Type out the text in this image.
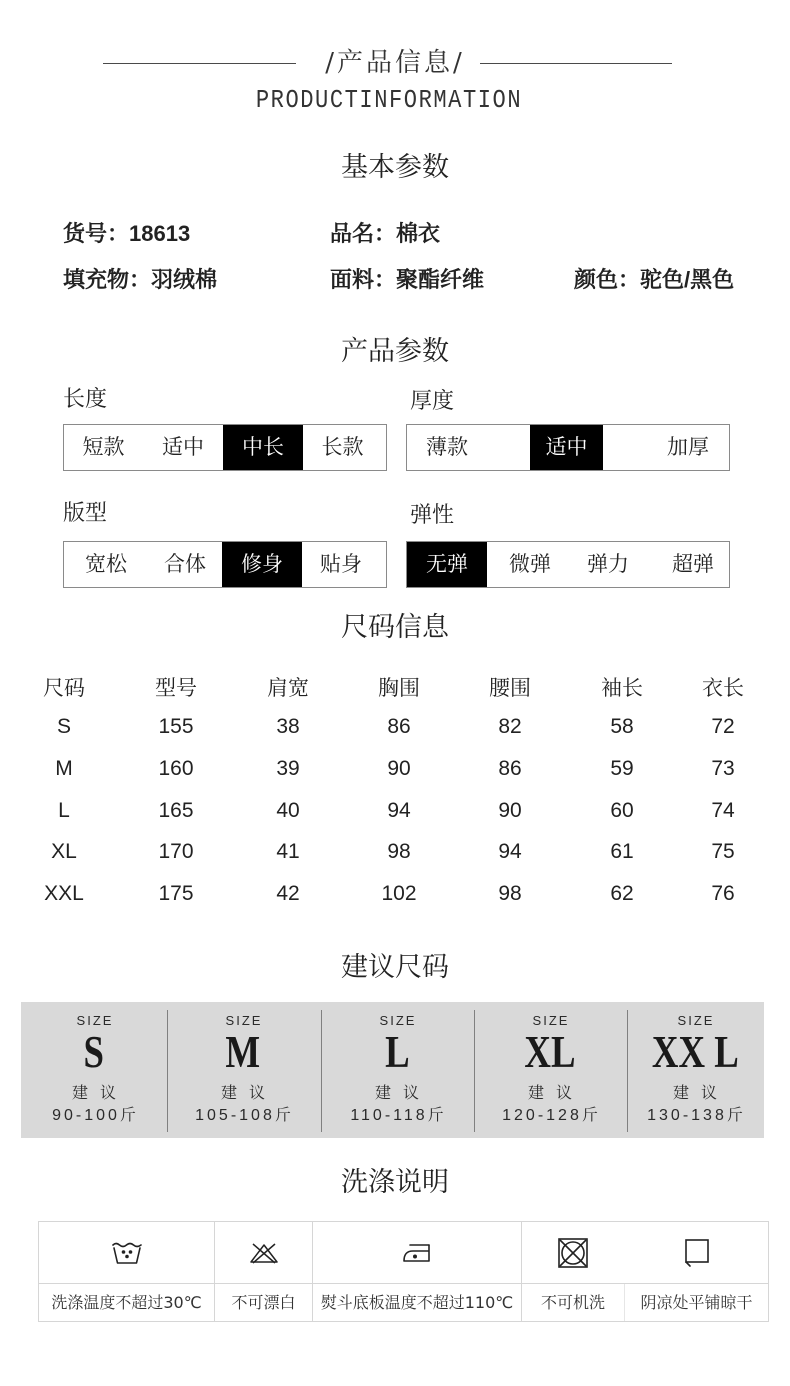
/产品信息/
PRODUCTINFORMATION
基本参数
货号：18613	品名：棉衣
填充物：羽绒棉	面料：聚酯纤维	颜色：驼色/黑色
产品参数
长度
短款	适中	中长	长款
厚度
薄款	适中	加厚
版型
宽松	合体	修身	贴身
弹性
无弹	微弹	弹力	超弹
尺码信息
尺码	型号	肩宽	胸围	腰围	袖长	衣长
S	155	38	86	82	58	72
M	160	39	90	86	59	73
L	165	40	94	90	60	74
XL	170	41	98	94	61	75
XXL	175	42	102	98	62	76
建议尺码
SIZE
S
建议
90-100斤
SIZE
M
建议
105-108斤
SIZE
L
建议
110-118斤
SIZE
XL
建议
120-128斤
SIZE
XX L
建议
130-138斤
洗涤说明
洗涤温度不超过30℃	不可漂白	熨斗底板温度不超过110℃	不可机洗	阴凉处平铺晾干
